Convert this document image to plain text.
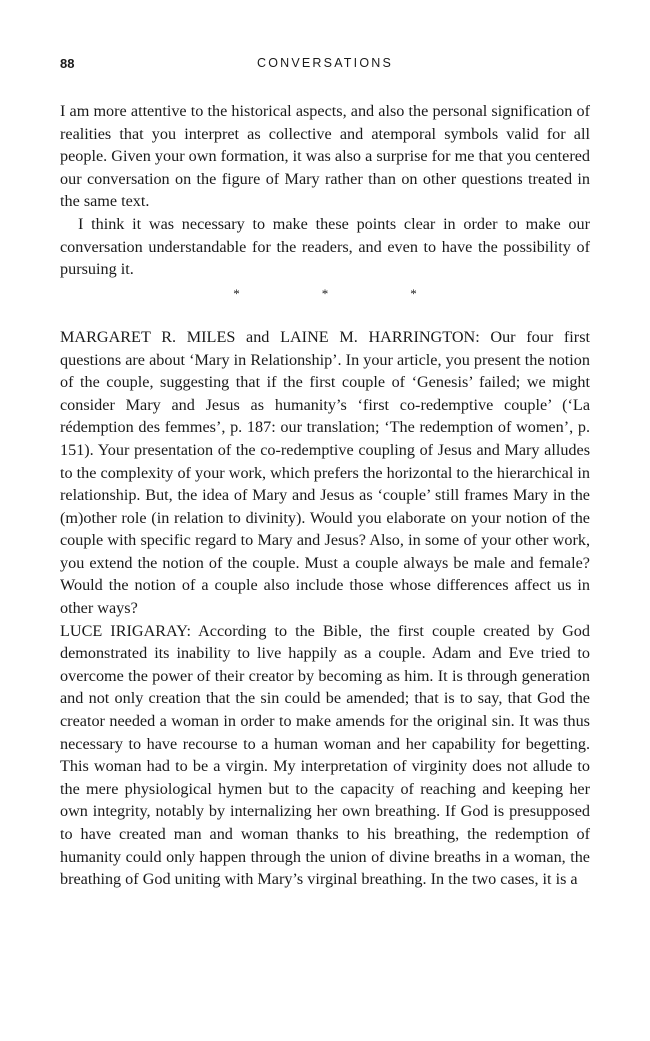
88	CONVERSATIONS

I am more attentive to the historical aspects, and also the personal signification of realities that you interpret as collective and atemporal symbols valid for all people. Given your own formation, it was also a surprise for me that you centered our conversation on the figure of Mary rather than on other questions treated in the same text.

I think it was necessary to make these points clear in order to make our conversation understandable for the readers, and even to have the possibility of pursuing it.

*	*	*

MARGARET R. MILES and LAINE M. HARRINGTON: Our four first questions are about ‘Mary in Relationship’. In your article, you present the notion of the couple, suggesting that if the first couple of ‘Genesis’ failed; we might consider Mary and Jesus as humanity’s ‘first co-redemptive couple’ (‘La rédemption des femmes’, p. 187: our translation; ‘The redemption of women’, p. 151). Your presentation of the co-redemptive coupling of Jesus and Mary alludes to the complexity of your work, which prefers the horizontal to the hierarchical in relationship. But, the idea of Mary and Jesus as ‘couple’ still frames Mary in the (m)other role (in relation to divinity). Would you elaborate on your notion of the couple with specific regard to Mary and Jesus? Also, in some of your other work, you extend the notion of the couple. Must a couple always be male and female? Would the notion of a couple also include those whose differences affect us in other ways?

LUCE IRIGARAY: According to the Bible, the first couple created by God demonstrated its inability to live happily as a couple. Adam and Eve tried to overcome the power of their creator by becoming as him. It is through generation and not only creation that the sin could be amended; that is to say, that God the creator needed a woman in order to make amends for the original sin. It was thus necessary to have recourse to a human woman and her capability for begetting. This woman had to be a virgin. My interpretation of virginity does not allude to the mere physiological hymen but to the capacity of reaching and keeping her own integrity, notably by internalizing her own breathing. If God is presupposed to have created man and woman thanks to his breathing, the redemption of humanity could only happen through the union of divine breaths in a woman, the breathing of God uniting with Mary’s virginal breathing. In the two cases, it is a
